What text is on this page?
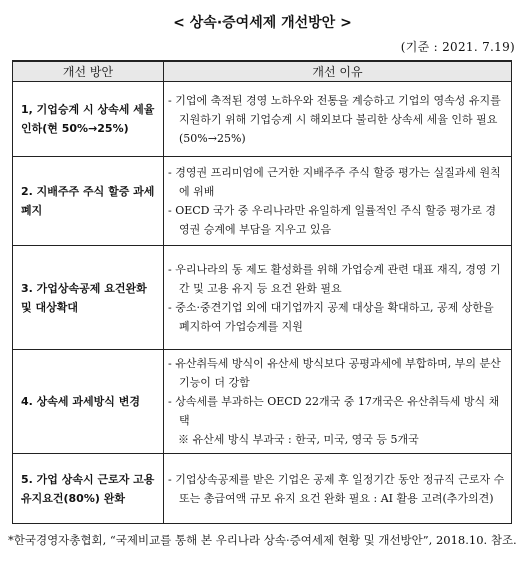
< 상속·증여세제 개선방안 >
(기준 : 2021. 7.19)
개선 방안	개선 이유
1, 기업승계 시 상속세 세율 인하(현 50%→25%)	- 기업에 축적된 경영 노하우와 전통을 계승하고 기업의 영속성 유지를 지원하기 위해 기업승계 시 해외보다 불리한 상속세 세율 인하 필요(50%→25%)

2. 지배주주 주식 할증 과세 폐지	- 경영권 프리미엄에 근거한 지배주주 주식 할증 평가는 실질과세 원칙에 위배
- OECD 국가 중 우리나라만 유일하게 일률적인 주식 할증 평가로 경영권 승계에 부담을 지우고 있음

3. 가업상속공제 요건완화 및 대상확대	- 우리나라의 동 제도 활성화를 위해 가업승계 관련 대표 재직, 경영 기간 및 고용 유지 등 요건 완화 필요
- 중소·중견기업 외에 대기업까지 공제 대상을 확대하고, 공제 상한을 폐지하여 가업승계를 지원

4. 상속세 과세방식 변경	- 유산취득세 방식이 유산세 방식보다 공평과세에 부합하며, 부의 분산 기능이 더 강함
- 상속세를 부과하는 OECD 22개국 중 17개국은 유산취득세 방식 채택
※ 유산세 방식 부과국 : 한국, 미국, 영국 등 5개국

5. 가업 상속시 근로자 고용 유지요건(80%) 완화	- 기업상속공제를 받은 기업은 공제 후 일정기간 동안 정규직 근로자 수 또는 총급여액 규모 유지 요건 완화 필요 : AI 활용 고려(추가의견)
*한국경영자총협회, “국제비교를 통해 본 우리나라 상속·증여세제 현황 및 개선방안”, 2018.10. 참조.
